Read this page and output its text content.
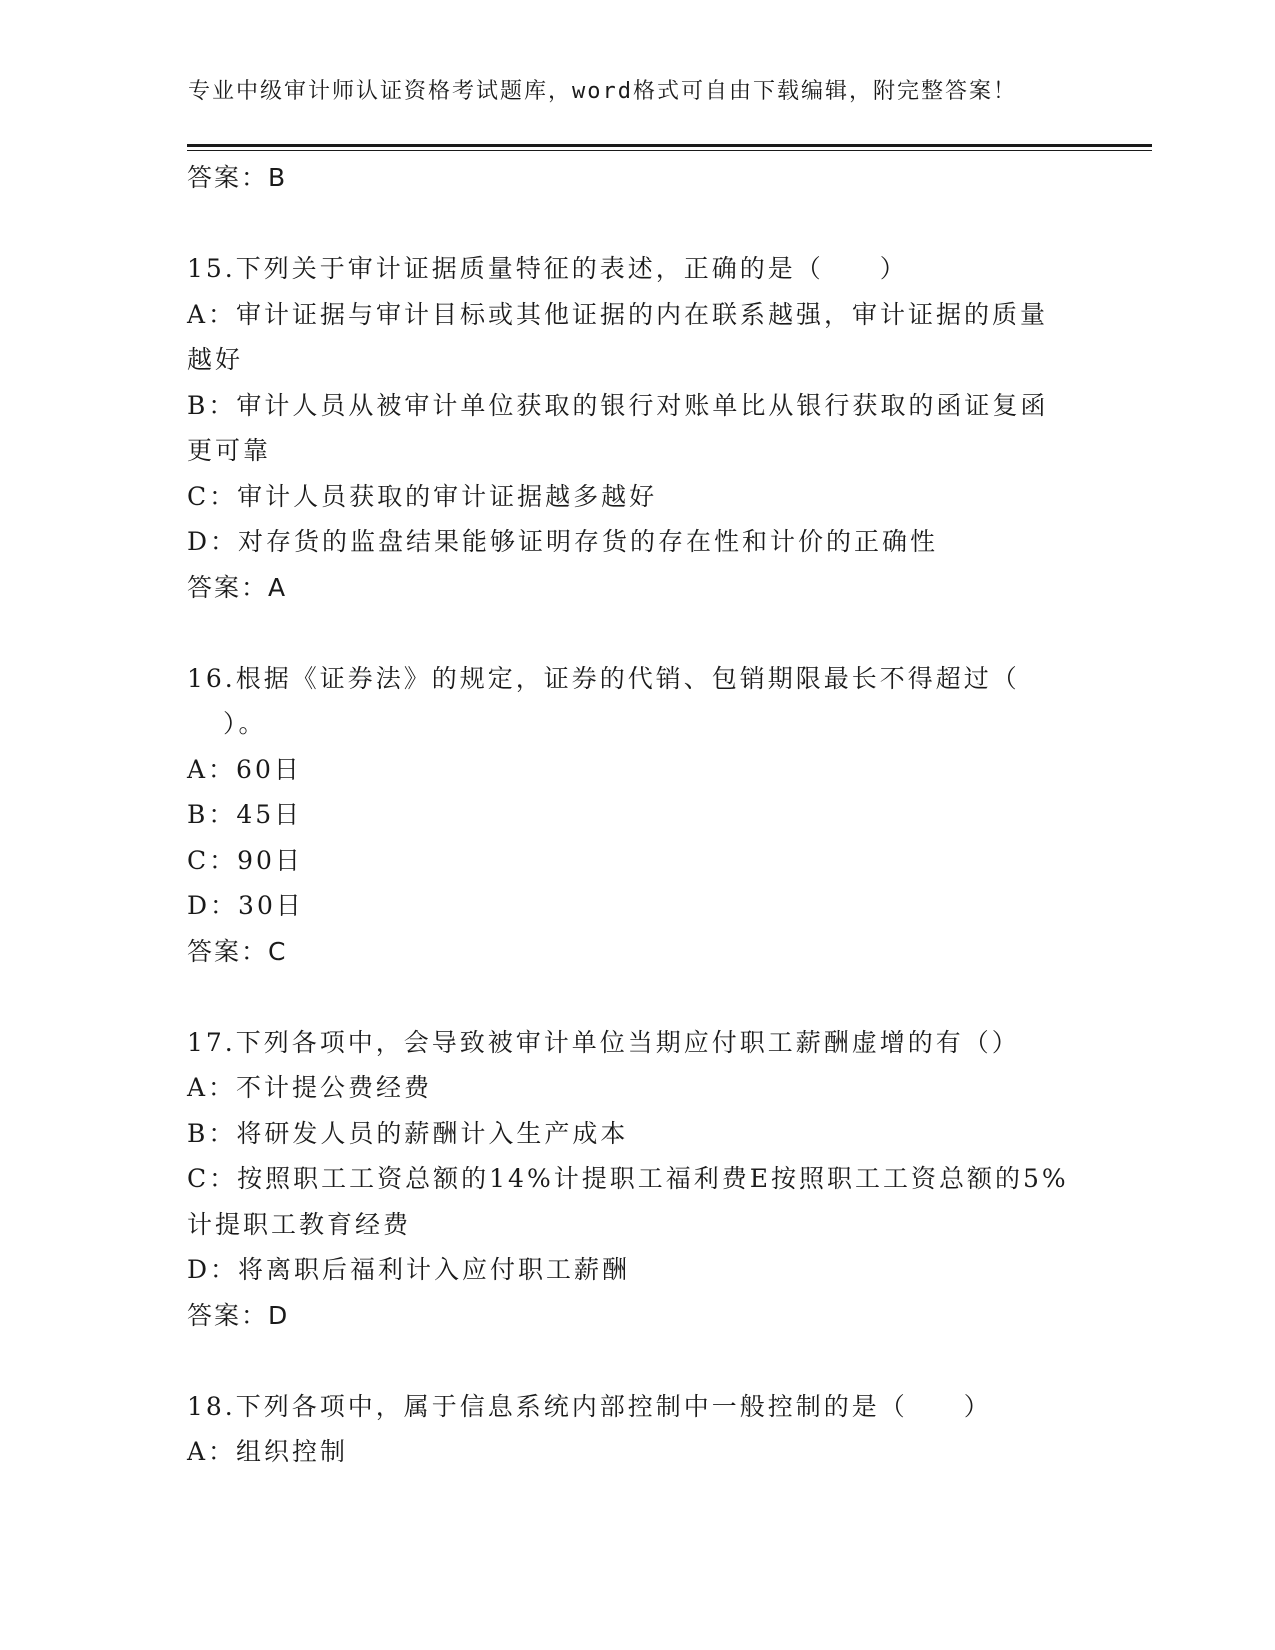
专业中级审计师认证资格考试题库，word格式可自由下载编辑，附完整答案！
答案：B
15.下列关于审计证据质量特征的表述，正确的是（　　）
A：审计证据与审计目标或其他证据的内在联系越强，审计证据的质量
越好
B：审计人员从被审计单位获取的银行对账单比从银行获取的函证复函
更可靠
C：审计人员获取的审计证据越多越好
D：对存货的监盘结果能够证明存货的存在性和计价的正确性
答案：A
16.根据《证券法》的规定，证券的代销、包销期限最长不得超过（
）。
A：60日
B：45日
C：90日
D：30日
答案：C
17.下列各项中，会导致被审计单位当期应付职工薪酬虚增的有（）
A：不计提公费经费
B：将研发人员的薪酬计入生产成本
C：按照职工工资总额的14%计提职工福利费E按照职工工资总额的5%
计提职工教育经费
D：将离职后福利计入应付职工薪酬
答案：D
18.下列各项中，属于信息系统内部控制中一般控制的是（　　）
A：组织控制
